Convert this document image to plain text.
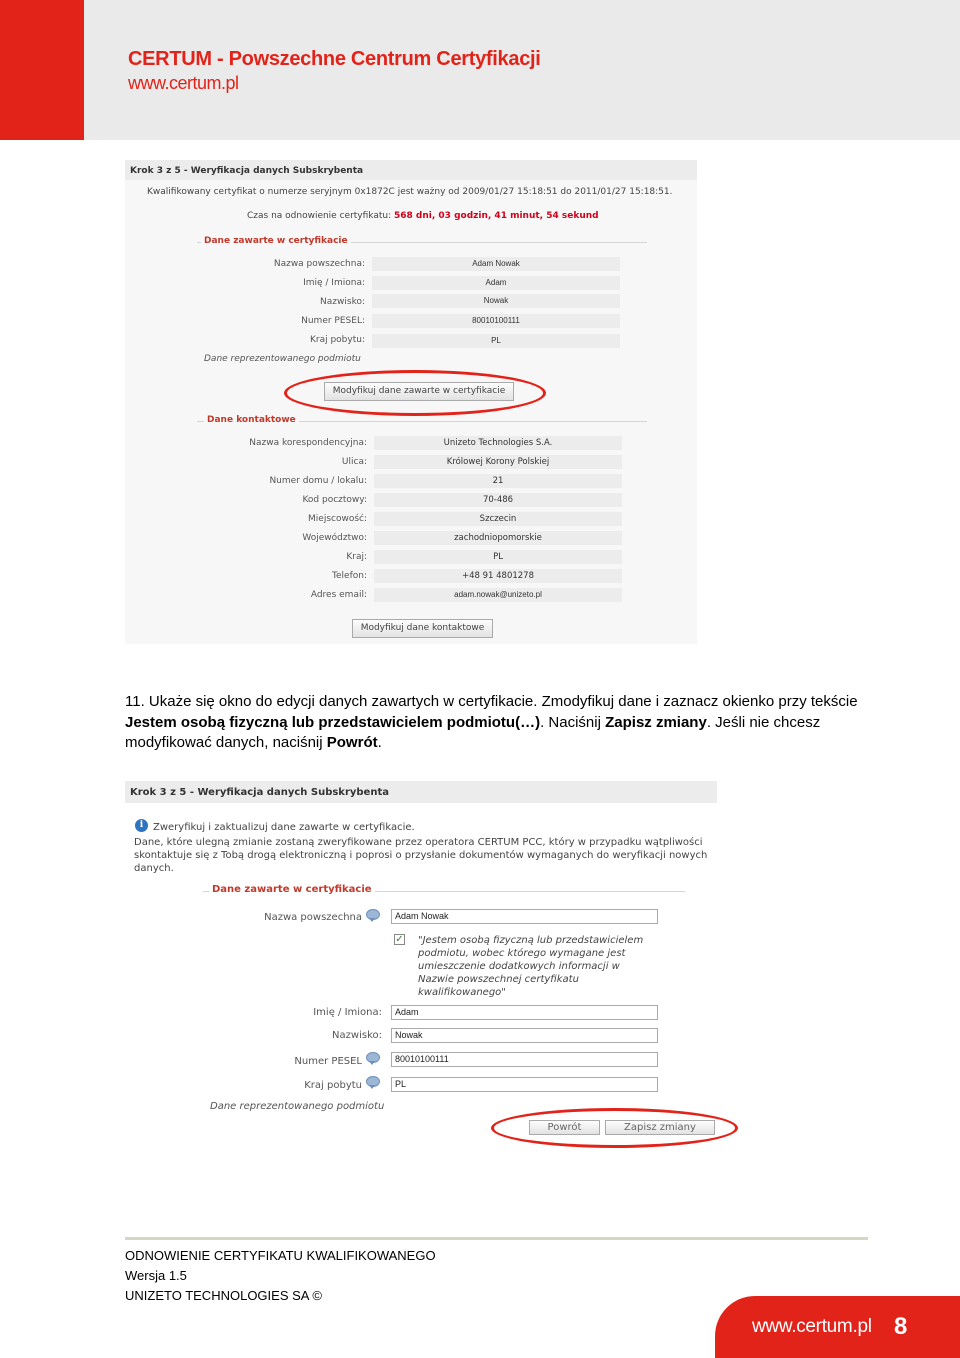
CERTUM - Powszechne Centrum Certyfikacji
www.certum.pl
Krok 3 z 5 - Weryfikacja danych Subskrybenta
Kwalifikowany certyfikat o numerze seryjnym 0x1872C jest ważny od 2009/01/27 15:18:51 do 2011/01/27 15:18:51.
Czas na odnowienie certyfikatu: 568 dni, 03 godzin, 41 minut, 54 sekund
Dane zawarte w certyfikacie
Nazwa powszechna:	Adam Nowak
Imię / Imiona:	Adam
Nazwisko:	Nowak
Numer PESEL:	80010100111
Kraj pobytu:	PL
Dane reprezentowanego podmiotu
Modyfikuj dane zawarte w certyfikacie
Dane kontaktowe
Nazwa korespondencyjna:	Unizeto Technologies S.A.
Ulica:	Królowej Korony Polskiej
Numer domu / lokalu:	21
Kod pocztowy:	70-486
Miejscowość:	Szczecin
Województwo:	zachodniopomorskie
Kraj:	PL
Telefon:	+48 91 4801278
Adres email:	adam.nowak@unizeto.pl
Modyfikuj dane kontaktowe
11. Ukaże się okno do edycji danych zawartych w certyfikacie. Zmodyfikuj dane i zaznacz okienko przy tekście Jestem osobą fizyczną lub przedstawicielem podmiotu(…). Naciśnij Zapisz zmiany. Jeśli nie chcesz modyfikować danych, naciśnij Powrót.
Krok 3 z 5 - Weryfikacja danych Subskrybenta
i Zweryfikuj i zaktualizuj dane zawarte w certyfikacie.
Dane, które ulegną zmianie zostaną zweryfikowane przez operatora CERTUM PCC, który w przypadku wątpliwości skontaktuje się z Tobą drogą elektroniczną i poprosi o przysłanie dokumentów wymaganych do weryfikacji nowych danych.
Dane zawarte w certyfikacie
Nazwa powszechna	Adam Nowak
✓ "Jestem osobą fizyczną lub przedstawicielem podmiotu, wobec którego wymagane jest umieszczenie dodatkowych informacji w Nazwie powszechnej certyfikatu kwalifikowanego"
Imię / Imiona:	Adam
Nazwisko:	Nowak
Numer PESEL	80010100111
Kraj pobytu	PL
Dane reprezentowanego podmiotu
Powrót	Zapisz zmiany
ODNOWIENIE CERTYFIKATU KWALIFIKOWANEGO
Wersja 1.5
UNIZETO TECHNOLOGIES SA ©
www.certum.pl 8
